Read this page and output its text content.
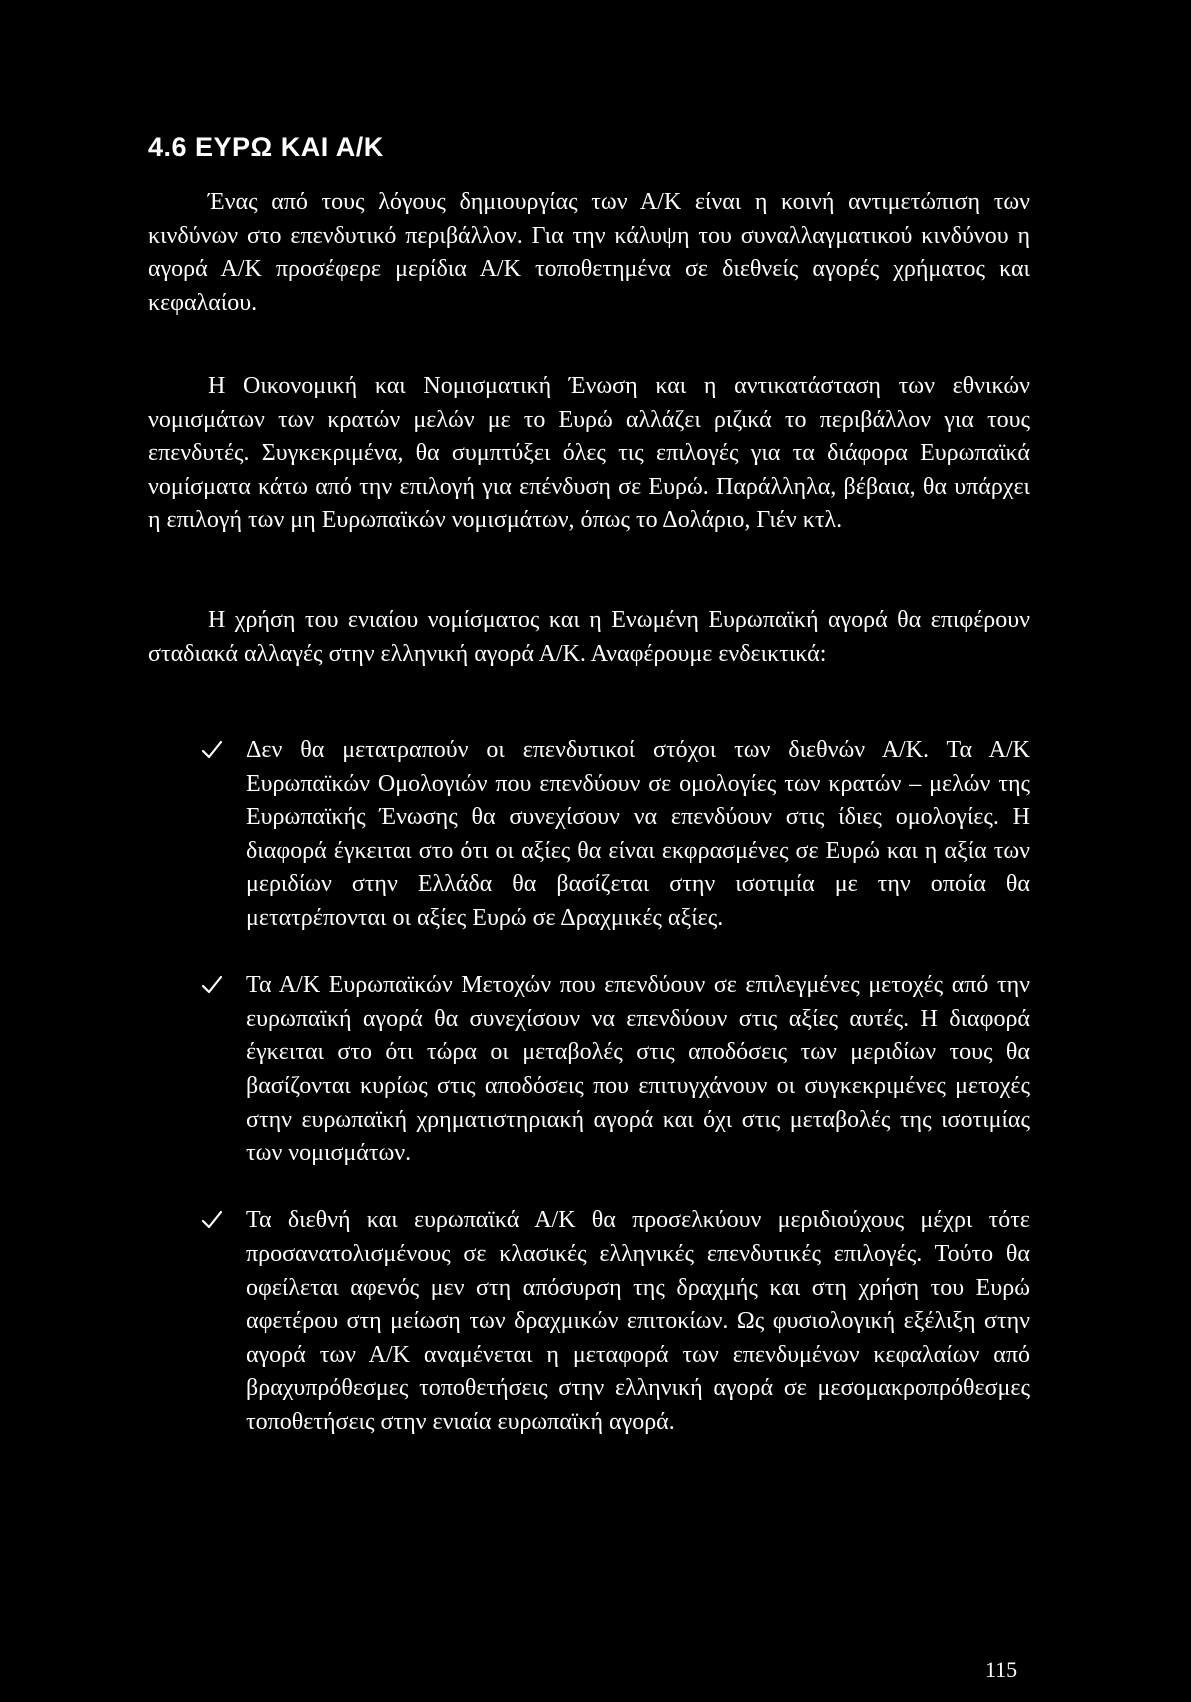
4.6 ΕΥΡΩ ΚΑΙ Α/Κ

Ένας από τους λόγους δημιουργίας των Α/Κ είναι η κοινή αντιμετώπιση των κινδύνων στο επενδυτικό περιβάλλον. Για την κάλυψη του συναλλαγματικού κινδύνου η αγορά Α/Κ προσέφερε μερίδια Α/Κ τοποθετημένα σε διεθνείς αγορές χρήματος και κεφαλαίου.

Η Οικονομική και Νομισματική Ένωση και η αντικατάσταση των εθνικών νομισμάτων των κρατών μελών με το Ευρώ αλλάζει ριζικά το περιβάλλον για τους επενδυτές. Συγκεκριμένα, θα συμπτύξει όλες τις επιλογές για τα διάφορα Ευρωπαϊκά νομίσματα κάτω από την επιλογή για επένδυση σε Ευρώ. Παράλληλα, βέβαια, θα υπάρχει η επιλογή των μη Ευρωπαϊκών νομισμάτων, όπως το Δολάριο, Γιέν κτλ.

Η χρήση του ενιαίου νομίσματος και η Ενωμένη Ευρωπαϊκή αγορά θα επιφέρουν σταδιακά αλλαγές στην ελληνική αγορά Α/Κ. Αναφέρουμε ενδεικτικά:

Δεν θα μετατραπούν οι επενδυτικοί στόχοι των διεθνών Α/Κ. Τα Α/Κ Ευρωπαϊκών Ομολογιών που επενδύουν σε ομολογίες των κρατών – μελών της Ευρωπαϊκής Ένωσης θα συνεχίσουν να επενδύουν στις ίδιες ομολογίες. Η διαφορά έγκειται στο ότι οι αξίες θα είναι εκφρασμένες σε Ευρώ και η αξία των μεριδίων στην Ελλάδα θα βασίζεται στην ισοτιμία με την οποία θα μετατρέπονται οι αξίες Ευρώ σε Δραχμικές αξίες.
Τα Α/Κ Ευρωπαϊκών Μετοχών που επενδύουν σε επιλεγμένες μετοχές από την ευρωπαϊκή αγορά θα συνεχίσουν να επενδύουν στις αξίες αυτές. Η διαφορά έγκειται στο ότι τώρα οι μεταβολές στις αποδόσεις των μεριδίων τους θα βασίζονται κυρίως στις αποδόσεις που επιτυγχάνουν οι συγκεκριμένες μετοχές στην ευρωπαϊκή χρηματιστηριακή αγορά και όχι στις μεταβολές της ισοτιμίας των νομισμάτων.
Τα διεθνή και ευρωπαϊκά Α/Κ θα προσελκύουν μεριδιούχους μέχρι τότε προσανατολισμένους σε κλασικές ελληνικές επενδυτικές επιλογές. Τούτο θα οφείλεται αφενός μεν στη απόσυρση της δραχμής και στη χρήση του Ευρώ αφετέρου στη μείωση των δραχμικών επιτοκίων. Ως φυσιολογική εξέλιξη στην αγορά των Α/Κ αναμένεται η μεταφορά των επενδυμένων κεφαλαίων από βραχυπρόθεσμες τοποθετήσεις στην ελληνική αγορά σε μεσομακροπρόθεσμες τοποθετήσεις στην ενιαία ευρωπαϊκή αγορά.

115
